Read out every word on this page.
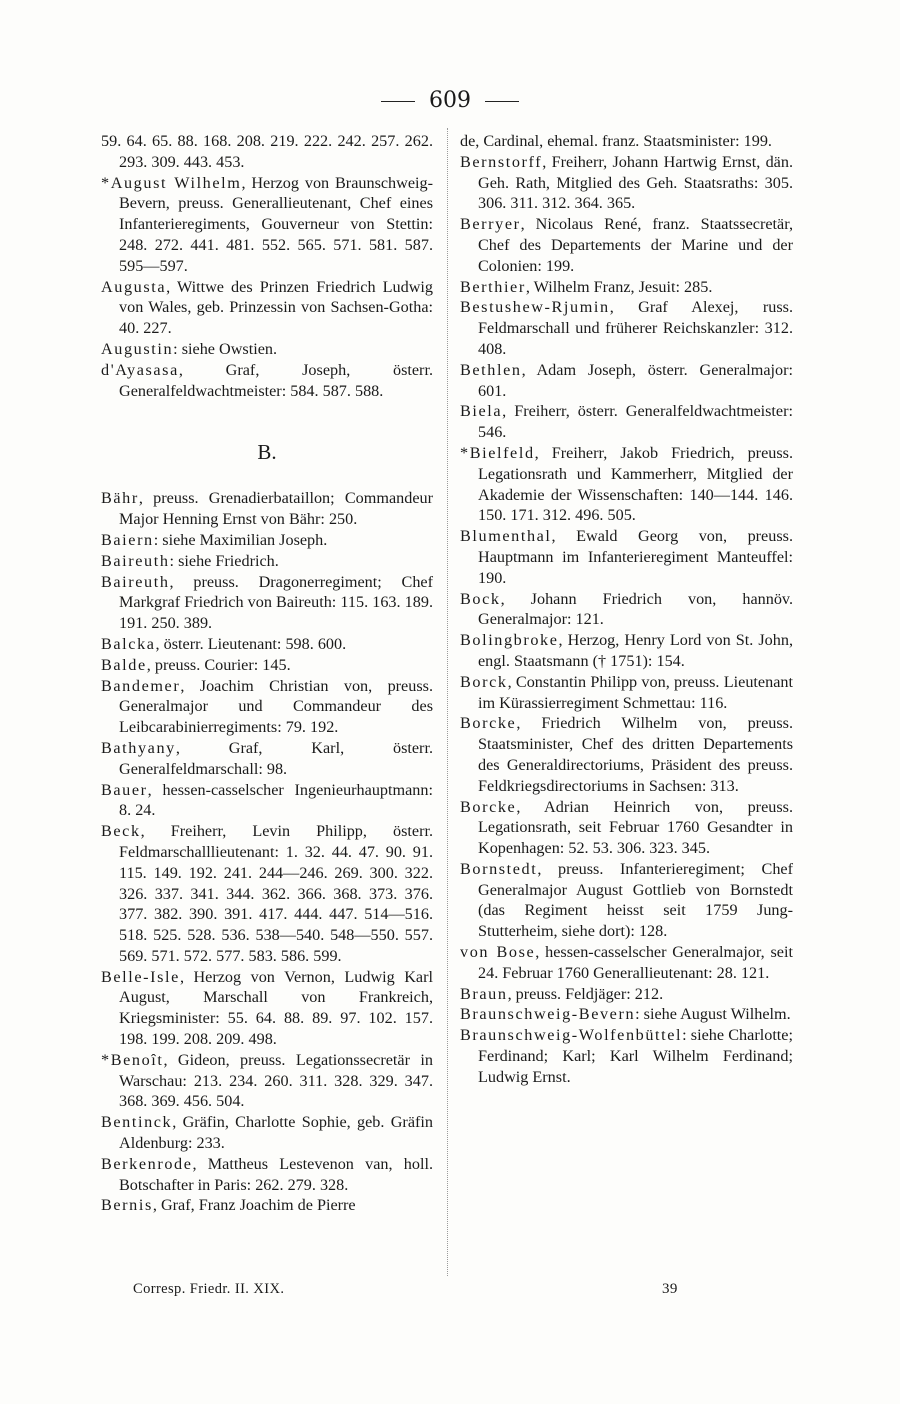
609
59. 64. 65. 88. 168. 208. 219. 222. 242. 257. 262. 293. 309. 443. 453.
*August Wilhelm, Herzog von Braunschweig-Bevern, preuss. Generallieutenant, Chef eines Infanterieregiments, Gouverneur von Stettin: 248. 272. 441. 481. 552. 565. 571. 581. 587. 595—597.
Augusta, Wittwe des Prinzen Friedrich Ludwig von Wales, geb. Prinzessin von Sachsen-Gotha: 40. 227.
Augustin: siehe Owstien.
d'Ayasasa, Graf, Joseph, österr. Generalfeldwachtmeister: 584. 587. 588.
B.
Bähr, preuss. Grenadierbataillon; Commandeur Major Henning Ernst von Bähr: 250.
Baiern: siehe Maximilian Joseph.
Baireuth: siehe Friedrich.
Baireuth, preuss. Dragonerregiment; Chef Markgraf Friedrich von Baireuth: 115. 163. 189. 191. 250. 389.
Balcka, österr. Lieutenant: 598. 600.
Balde, preuss. Courier: 145.
Bandemer, Joachim Christian von, preuss. Generalmajor und Commandeur des Leibcarabinierregiments: 79. 192.
Bathyany, Graf, Karl, österr. Generalfeldmarschall: 98.
Bauer, hessen-casselscher Ingenieurhauptmann: 8. 24.
Beck, Freiherr, Levin Philipp, österr. Feldmarschalllieutenant: 1. 32. 44. 47. 90. 91. 115. 149. 192. 241. 244—246. 269. 300. 322. 326. 337. 341. 344. 362. 366. 368. 373. 376. 377. 382. 390. 391. 417. 444. 447. 514—516. 518. 525. 528. 536. 538—540. 548—550. 557. 569. 571. 572. 577. 583. 586. 599.
Belle-Isle, Herzog von Vernon, Ludwig Karl August, Marschall von Frankreich, Kriegsminister: 55. 64. 88. 89. 97. 102. 157. 198. 199. 208. 209. 498.
*Benoît, Gideon, preuss. Legationssecretär in Warschau: 213. 234. 260. 311. 328. 329. 347. 368. 369. 456. 504.
Bentinck, Gräfin, Charlotte Sophie, geb. Gräfin Aldenburg: 233.
Berkenrode, Mattheus Lestevenon van, holl. Botschafter in Paris: 262. 279. 328.
Bernis, Graf, Franz Joachim de Pierre
de, Cardinal, ehemal. franz. Staatsminister: 199.
Bernstorff, Freiherr, Johann Hartwig Ernst, dän. Geh. Rath, Mitglied des Geh. Staatsraths: 305. 306. 311. 312. 364. 365.
Berryer, Nicolaus René, franz. Staatssecretär, Chef des Departements der Marine und der Colonien: 199.
Berthier, Wilhelm Franz, Jesuit: 285.
Bestushew-Rjumin, Graf Alexej, russ. Feldmarschall und früherer Reichskanzler: 312. 408.
Bethlen, Adam Joseph, österr. Generalmajor: 601.
Biela, Freiherr, österr. Generalfeldwachtmeister: 546.
*Bielfeld, Freiherr, Jakob Friedrich, preuss. Legationsrath und Kammerherr, Mitglied der Akademie der Wissenschaften: 140—144. 146. 150. 171. 312. 496. 505.
Blumenthal, Ewald Georg von, preuss. Hauptmann im Infanterieregiment Manteuffel: 190.
Bock, Johann Friedrich von, hannöv. Generalmajor: 121.
Bolingbroke, Herzog, Henry Lord von St. John, engl. Staatsmann († 1751): 154.
Borck, Constantin Philipp von, preuss. Lieutenant im Kürassierregiment Schmettau: 116.
Borcke, Friedrich Wilhelm von, preuss. Staatsminister, Chef des dritten Departements des Generaldirectoriums, Präsident des preuss. Feldkriegsdirectoriums in Sachsen: 313.
Borcke, Adrian Heinrich von, preuss. Legationsrath, seit Februar 1760 Gesandter in Kopenhagen: 52. 53. 306. 323. 345.
Bornstedt, preuss. Infanterieregiment; Chef Generalmajor August Gottlieb von Bornstedt (das Regiment heisst seit 1759 Jung-Stutterheim, siehe dort): 128.
von Bose, hessen-casselscher Generalmajor, seit 24. Februar 1760 Generallieutenant: 28. 121.
Braun, preuss. Feldjäger: 212.
Braunschweig-Bevern: siehe August Wilhelm.
Braunschweig-Wolfenbüttel: siehe Charlotte; Ferdinand; Karl; Karl Wilhelm Ferdinand; Ludwig Ernst.
Corresp. Friedr. II. XIX.	39
